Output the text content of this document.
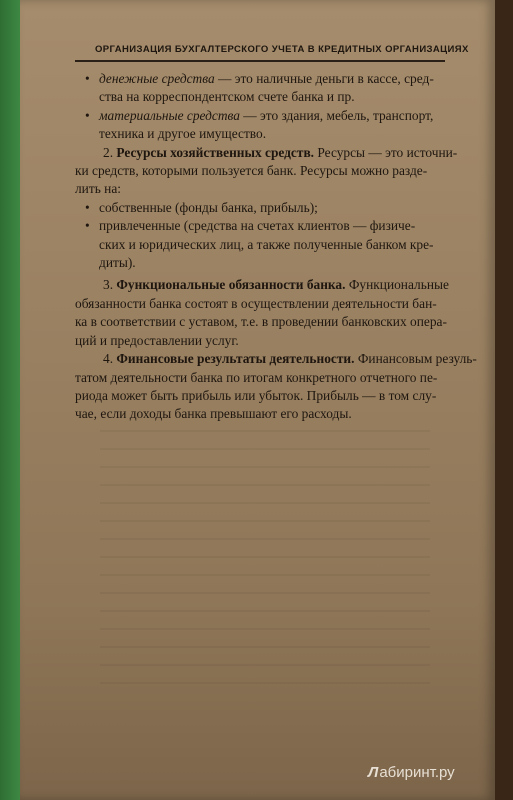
ОРГАНИЗАЦИЯ БУХГАЛТЕРСКОГО УЧЕТА В КРЕДИТНЫХ ОРГАНИЗАЦИЯХ
• денежные средства — это наличные деньги в кассе, сред-
ства на корреспондентском счете банка и пр.
• материальные средства — это здания, мебель, транспорт,
техника и другое имущество.
2. Ресурсы хозяйственных средств. Ресурсы — это источни-
ки средств, которыми пользуется банк. Ресурсы можно разде-
лить на:
• собственные (фонды банка, прибыль);
• привлеченные (средства на счетах клиентов — физиче-
ских и юридических лиц, а также полученные банком кре-
диты).
3. Функциональные обязанности банка. Функциональные
обязанности банка состоят в осуществлении деятельности бан-
ка в соответствии с уставом, т.е. в проведении банковских опера-
ций и предоставлении услуг.
4. Финансовые результаты деятельности. Финансовым резуль-
татом деятельности банка по итогам конкретного отчетного пе-
риода может быть прибыль или убыток. Прибыль — в том слу-
чае, если доходы банка превышают его расходы.
Лабиринт.ру
